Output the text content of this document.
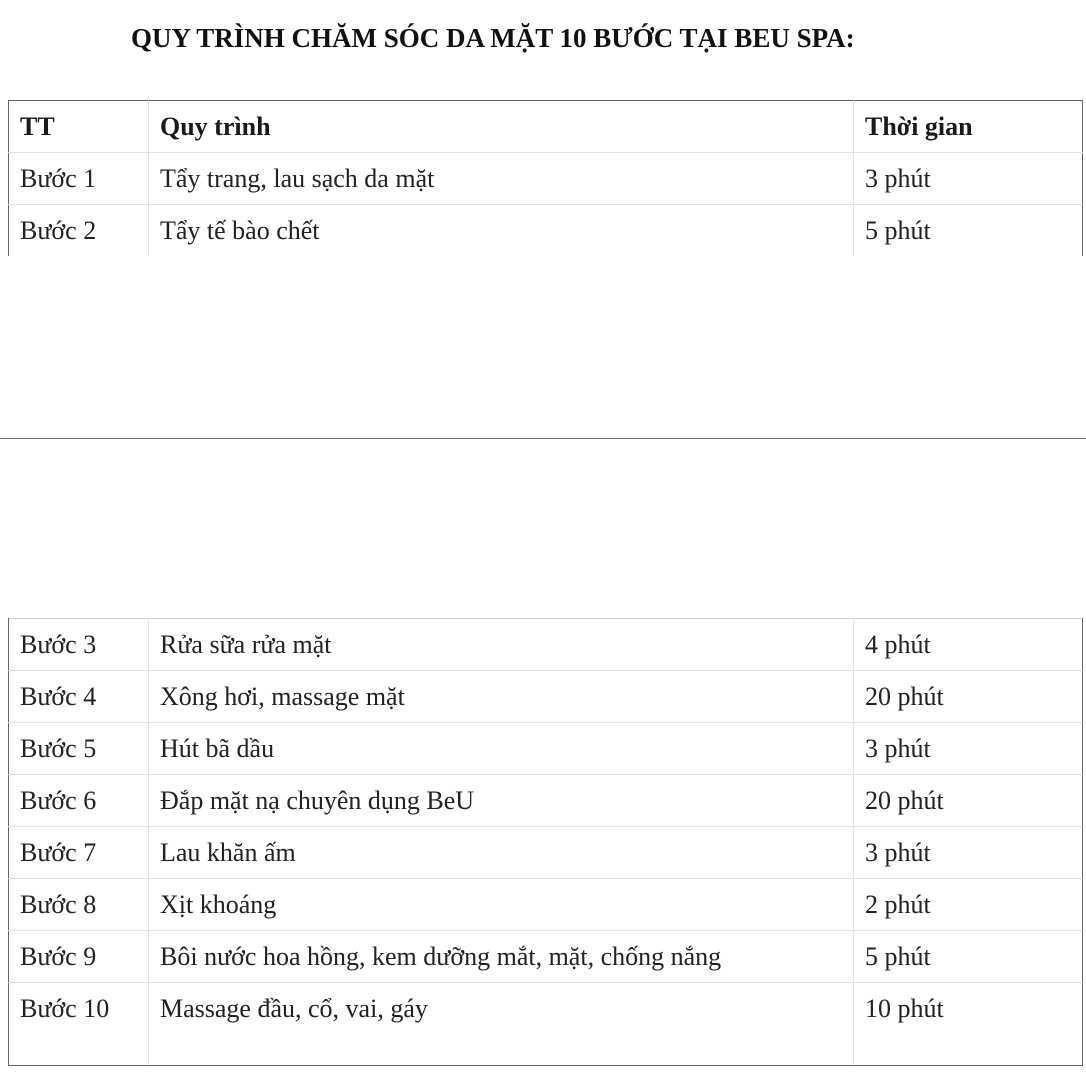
QUY TRÌNH CHĂM SÓC DA MẶT 10 BƯỚC TẠI BEU SPA:
TT	Quy trình	Thời gian
Bước 1	Tẩy trang, lau sạch da mặt	3 phút
Bước 2	Tẩy tế bào chết	5 phút
Bước 3	Rửa sữa rửa mặt	4 phút
Bước 4	Xông hơi, massage mặt	20 phút
Bước 5	Hút bã dầu	3 phút
Bước 6	Đắp mặt nạ chuyên dụng BeU	20 phút
Bước 7	Lau khăn ấm	3 phút
Bước 8	Xịt khoáng	2 phút
Bước 9	Bôi nước hoa hồng, kem dưỡng mắt, mặt, chống nắng	5 phút
Bước 10	Massage đầu, cổ, vai, gáy	10 phút
